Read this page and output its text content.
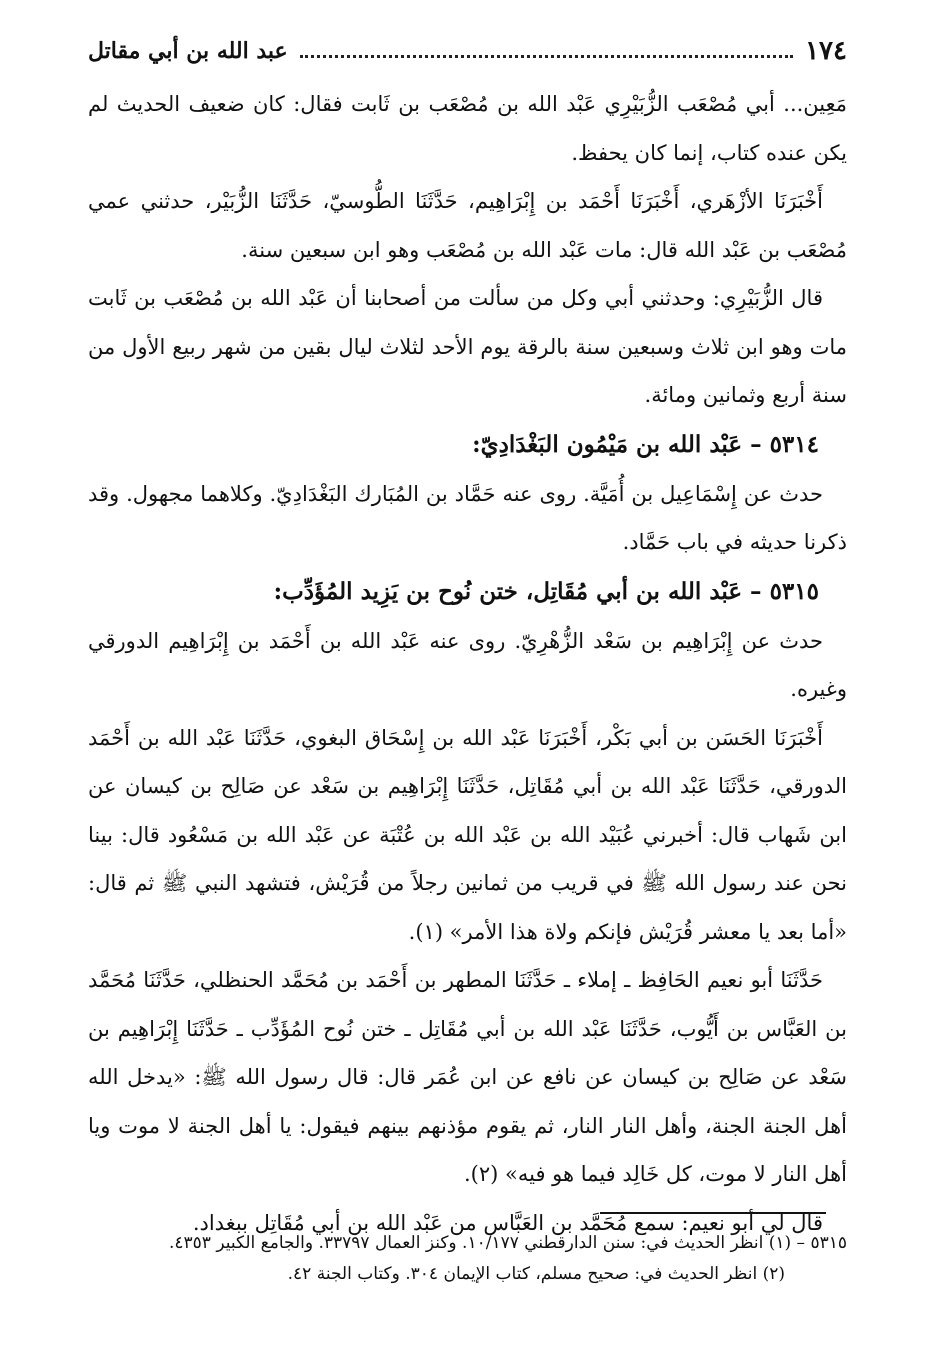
١٧٤
عبد الله بن أبي مقاتل

مَعِين... أبي مُصْعَب الزُّبَيْرِي عَبْد الله بن مُصْعَب بن ثَابت فقال: كان ضعيف الحديث لم يكن عنده كتاب، إنما كان يحفظ.

أَخْبَرَنَا الأزْهَري، أَخْبَرَنَا أَحْمَد بن إِبْرَاهِيم، حَدَّثَنَا الطُّوسيّ، حَدَّثَنَا الزُّبَيْر، حدثني عمي مُصْعَب بن عَبْد الله قال: مات عَبْد الله بن مُصْعَب وهو ابن سبعين سنة.

قال الزُّبَيْرِي: وحدثني أبي وكل من سألت من أصحابنا أن عَبْد الله بن مُصْعَب بن ثَابت مات وهو ابن ثلاث وسبعين سنة بالرقة يوم الأحد لثلاث ليال بقين من شهر ربيع الأول من سنة أربع وثمانين ومائة.

٥٣١٤ – عَبْد الله بن مَيْمُون البَغْدَادِيّ:

حدث عن إِسْمَاعِيل بن أُمَيَّة. روى عنه حَمَّاد بن المُبَارك البَغْدَادِيّ. وكلاهما مجهول. وقد ذكرنا حديثه في باب حَمَّاد.

٥٣١٥ – عَبْد الله بن أبي مُقَاتِل، ختن نُوح بن يَزِيد المُؤَدِّب:

حدث عن إِبْرَاهِيم بن سَعْد الزُّهْرِيّ. روى عنه عَبْد الله بن أَحْمَد بن إِبْرَاهِيم الدورقي وغيره.

أَخْبَرَنَا الحَسَن بن أبي بَكْر، أَخْبَرَنَا عَبْد الله بن إِسْحَاق البغوي، حَدَّثَنَا عَبْد الله بن أَحْمَد الدورقي، حَدَّثَنَا عَبْد الله بن أبي مُقَاتِل، حَدَّثَنَا إِبْرَاهِيم بن سَعْد عن صَالِح بن كيسان عن ابن شَهاب قال: أخبرني عُبَيْد الله بن عَبْد الله بن عُتْبَة عن عَبْد الله بن مَسْعُود قال: بينا نحن عند رسول الله ﷺ في قريب من ثمانين رجلاً من قُرَيْش، فتشهد النبي ﷺ ثم قال: «أما بعد يا معشر قُرَيْش فإنكم ولاة هذا الأمر» (١).

حَدَّثَنَا أبو نعيم الحَافِظ ـ إملاء ـ حَدَّثَنَا المطهر بن أَحْمَد بن مُحَمَّد الحنظلي، حَدَّثَنَا مُحَمَّد بن العَبَّاس بن أَيُّوب، حَدَّثَنَا عَبْد الله بن أبي مُقَاتِل ـ ختن نُوح المُؤَدِّب ـ حَدَّثَنَا إِبْرَاهِيم بن سَعْد عن صَالِح بن كيسان عن نافع عن ابن عُمَر قال: قال رسول الله ﷺ: «يدخل الله أهل الجنة الجنة، وأهل النار النار، ثم يقوم مؤذنهم بينهم فيقول: يا أهل الجنة لا موت ويا أهل النار لا موت، كل خَالِد فيما هو فيه» (٢).

قال لي أبو نعيم: سمع مُحَمَّد بن العَبَّاس من عَبْد الله بن أبي مُقَاتِل ببغداد.

٥٣١٥ – (١) انظر الحديث في: سنن الدارقطني ١٠/١٧٧. وكنز العمال ٣٣٧٩٧. والجامع الكبير ٤٣٥٣.
(٢) انظر الحديث في: صحيح مسلم، كتاب الإيمان ٣٠٤. وكتاب الجنة ٤٢.
